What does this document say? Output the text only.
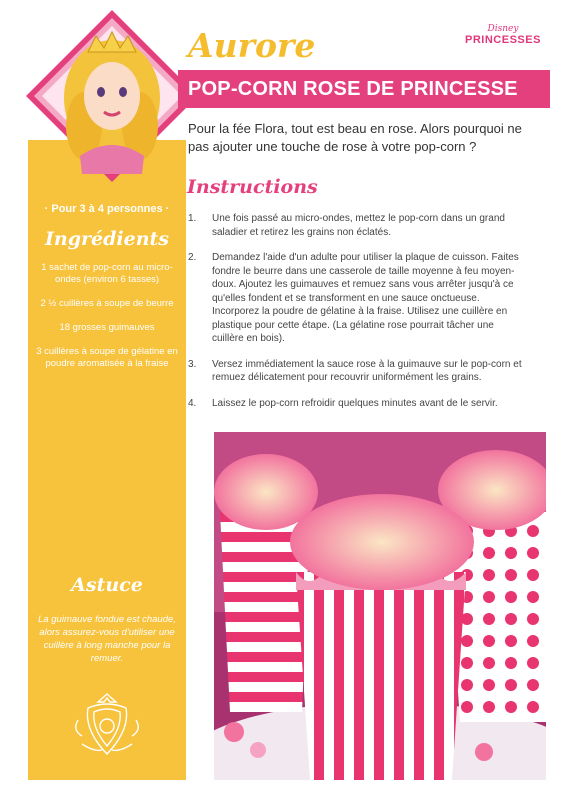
Aurore	Disney
PRINCESSES
POP-CORN ROSE DE PRINCESSE

Pour la fée Flora, tout est beau en rose. Alors pourquoi ne pas ajouter une touche de rose à votre pop-corn ?

· Pour 3 à 4 personnes ·
Ingrédients
1 sachet de pop-corn au micro-ondes (environ 6 tasses)
2 ½ cuillères à soupe de beurre
18 grosses guimauves
3 cuillères à soupe de gélatine en poudre aromatisée à la fraise
Astuce

La guimauve fondue est chaude, alors assurez-vous d'utiliser une cuillère à long manche pour la remuer.

Instructions
1. Une fois passé au micro-ondes, mettez le pop-corn dans un grand saladier et retirez les grains non éclatés.
2. Demandez l'aide d'un adulte pour utiliser la plaque de cuisson. Faites fondre le beurre dans une casserole de taille moyenne à feu moyen-doux. Ajoutez les guimauves et remuez sans vous arrêter jusqu'à ce qu'elles fondent et se transforment en une sauce onctueuse. Incorporez la poudre de gélatine à la fraise. Utilisez une cuillère en plastique pour cette étape. (La gélatine rose pourrait tâcher une cuillère en bois).
3. Versez immédiatement la sauce rose à la guimauve sur le pop-corn et remuez délicatement pour recouvrir uniformément les grains.
4. Laissez le pop-corn refroidir quelques minutes avant de le servir.
